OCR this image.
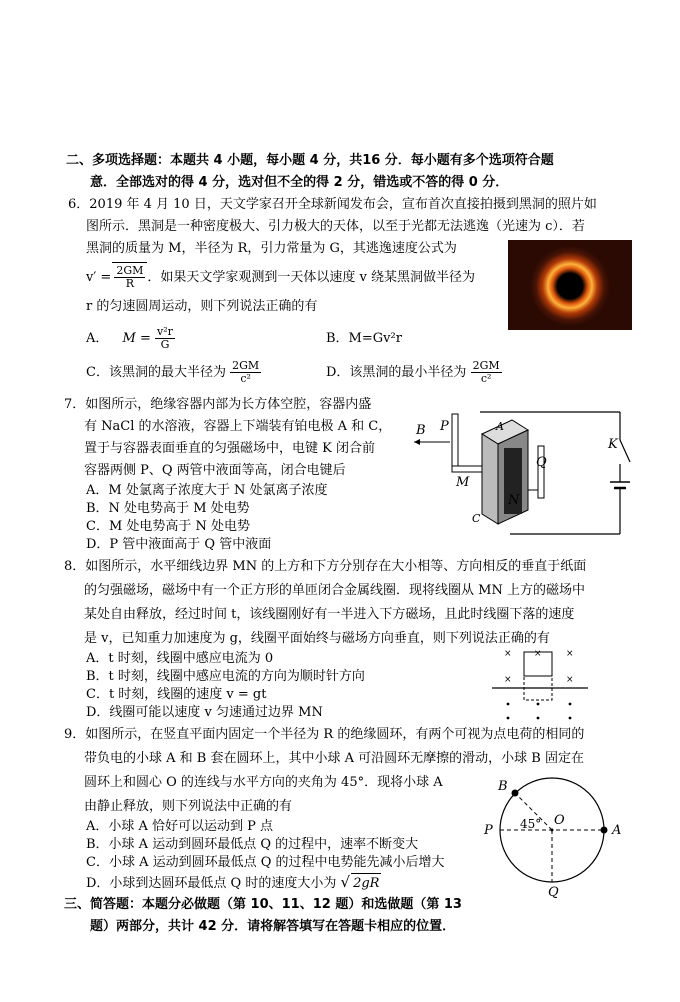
二、多项选择题：本题共 4 小题，每小题 4 分，共16 分．每小题有多个选项符合题
意．全部选对的得 4 分，选对但不全的得 2 分，错选或不答的得 0 分．
6．2019 年 4 月 10 日，天文学家召开全球新闻发布会，宣布首次直接拍摄到黑洞的照片如
图所示．黑洞是一种密度极大、引力极大的天体，以至于光都无法逃逸（光速为 c）．若
黑洞的质量为 M，半径为 R，引力常量为 G，其逃逸速度公式为
$v' = \frac{2GM}{R}$ ．如果天文学家观测到一天体以速度 v 绕某黑洞做半径为
r 的匀速圆周运动，则下列说法正确的有
A． $M = \frac{\text{v²r}}{G}$	B．M=Gv²r
C．该黑洞的最大半径为 $\frac{2GM}{\text{c²}}$	D．该黑洞的最小半径为 $\frac{2GM}{\text{c²}}$
7．如图所示，绝缘容器内部为长方体空腔，容器内盛
有 NaCl 的水溶液，容器上下端装有铂电极 A 和 C，
置于与容器表面垂直的匀强磁场中，电键 K 闭合前
容器两侧 P、Q 两管中液面等高，闭合电键后
A．M 处氯离子浓度大于 N 处氯离子浓度
B．N 处电势高于 M 处电势
C．M 处电势高于 N 处电势
D．P 管中液面高于 Q 管中液面
P	A
Q
K
B
M
N
C
8．如图所示，水平细线边界 MN 的上方和下方分别存在大小相等、方向相反的垂直于纸面
的匀强磁场，磁场中有一个正方形的单匝闭合金属线圈．现将线圈从 MN 上方的磁场中
某处自由释放，经过时间 t，该线圈刚好有一半进入下方磁场，且此时线圈下落的速度
是 v，已知重力加速度为 g，线圈平面始终与磁场方向垂直，则下列说法正确的有
A．t 时刻，线圈中感应电流为 0
B．t 时刻，线圈中感应电流的方向为顺时针方向
C．t 时刻，线圈的速度 v = gt
D．线圈可能以速度 v 匀速通过边界 MN
× ×	×
×	×
9．如图所示，在竖直平面内固定一个半径为 R 的绝缘圆环，有两个可视为点电荷的相同的
带负电的小球 A 和 B 套在圆环上，其中小球 A 可沿圆环无摩擦的滑动，小球 B 固定在
圆环上和圆心 O 的连线与水平方向的夹角为 45°．现将小球 A
由静止释放，则下列说法中正确的有
A．小球 A 恰好可以运动到 P 点
B．小球 A 运动到圆环最低点 Q 的过程中，速率不断变大
C．小球 A 运动到圆环最低点 Q 的过程中电势能先减小后增大
D．小球到达圆环最低点 Q 时的速度大小为 √ 2gR
B
O
45°
P	A
Q
三、简答题：本题分必做题（第 10、11、12 题）和选做题（第 13
题）两部分，共计 42 分．请将解答填写在答题卡相应的位置．
